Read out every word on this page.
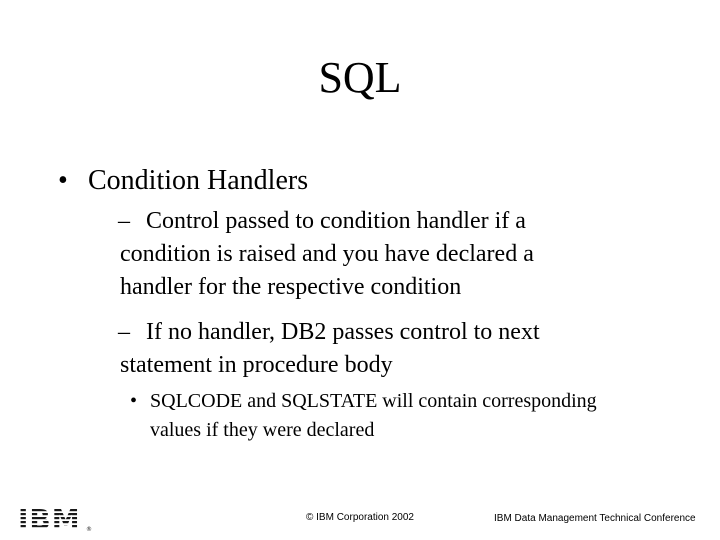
SQL
• Condition Handlers
– Control passed to condition handler if a condition is raised and you have declared a handler for the respective condition
– If no handler, DB2 passes control to next statement in procedure body
• SQLCODE and SQLSTATE will contain corresponding values if they were declared
®
© IBM Corporation 2002	IBM Data Management Technical Conference
